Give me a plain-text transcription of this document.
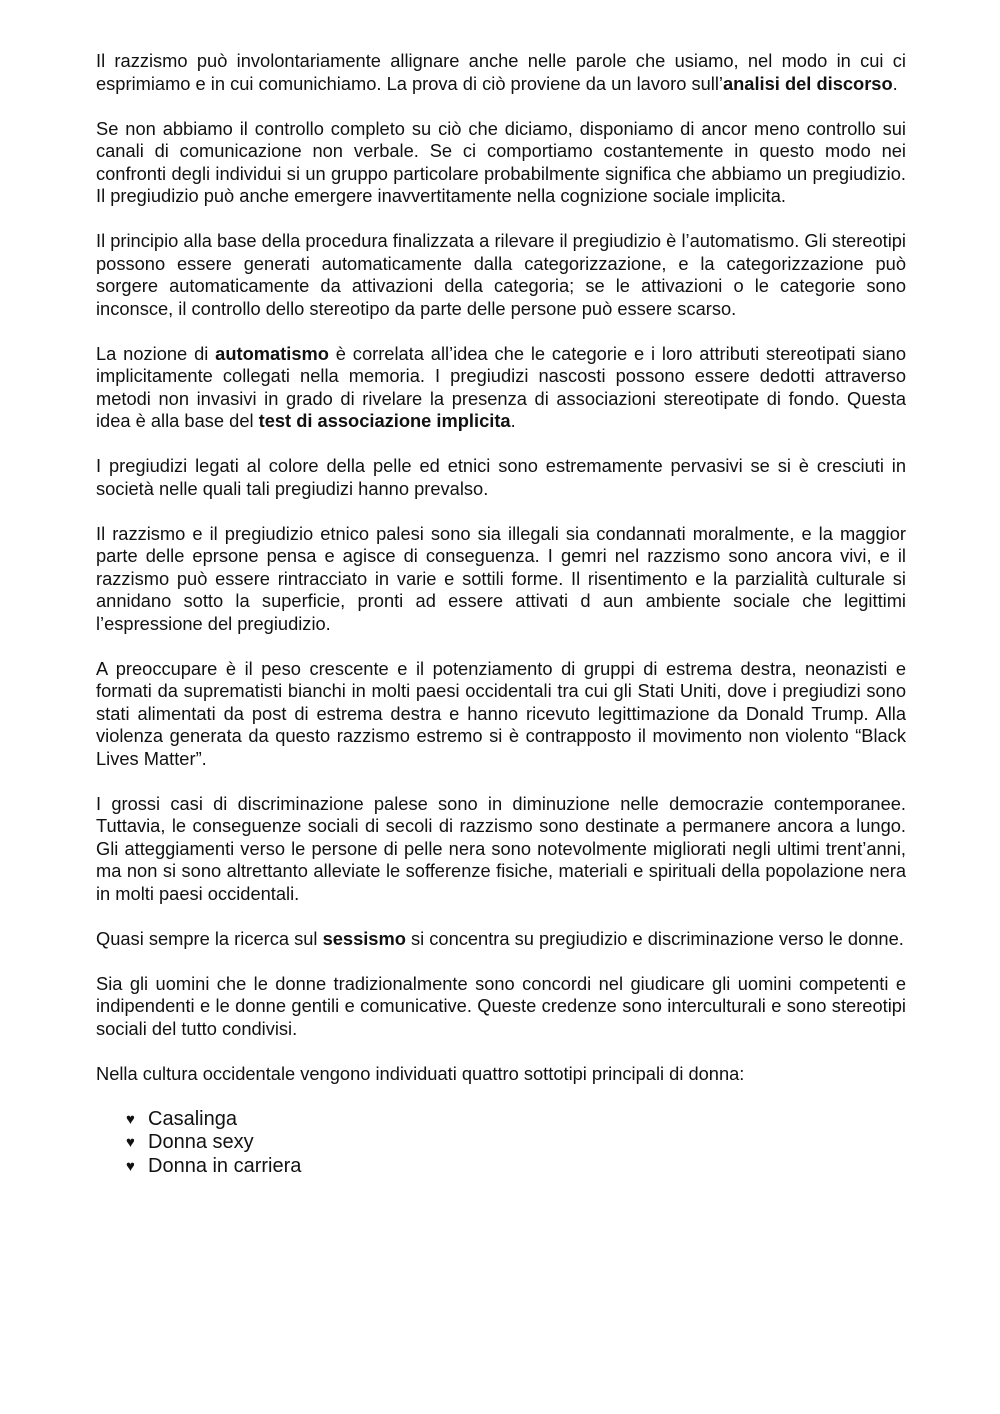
Il razzismo può involontariamente allignare anche nelle parole che usiamo, nel modo in cui ci esprimiamo e in cui comunichiamo. La prova di ciò proviene da un lavoro sull’analisi del discorso.

Se non abbiamo il controllo completo su ciò che diciamo, disponiamo di ancor meno controllo sui canali di comunicazione non verbale. Se ci comportiamo costantemente in questo modo nei confronti degli individui si un gruppo particolare probabilmente significa che abbiamo un pregiudizio. Il pregiudizio può anche emergere inavvertitamente nella cognizione sociale implicita.

Il principio alla base della procedura finalizzata a rilevare il pregiudizio è l’automatismo. Gli stereotipi possono essere generati automaticamente dalla categorizzazione, e la categorizzazione può sorgere automaticamente da attivazioni della categoria; se le attivazioni o le categorie sono inconsce, il controllo dello stereotipo da parte delle persone può essere scarso.

La nozione di automatismo è correlata all’idea che le categorie e i loro attributi stereotipati siano implicitamente collegati nella memoria. I pregiudizi nascosti possono essere dedotti attraverso metodi non invasivi in grado di rivelare la presenza di associazioni stereotipate di fondo. Questa idea è alla base del test di associazione implicita.

I pregiudizi legati al colore della pelle ed etnici sono estremamente pervasivi se si è cresciuti in società nelle quali tali pregiudizi hanno prevalso.

Il razzismo e il pregiudizio etnico palesi sono sia illegali sia condannati moralmente, e la maggior parte delle eprsone pensa e agisce di conseguenza. I gemri nel razzismo sono ancora vivi, e il razzismo può essere rintracciato in varie e sottili forme. Il risentimento e la parzialità culturale si annidano sotto la superficie, pronti ad essere attivati d aun ambiente sociale che legittimi l’espressione del pregiudizio.

A preoccupare è il peso crescente e il potenziamento di gruppi di estrema destra, neonazisti e formati da suprematisti bianchi in molti paesi occidentali tra cui gli Stati Uniti, dove i pregiudizi sono stati alimentati da post di estrema destra e hanno ricevuto legittimazione da Donald Trump. Alla violenza generata da questo razzismo estremo si è contrapposto il movimento non violento “Black Lives Matter”.

I grossi casi di discriminazione palese sono in diminuzione nelle democrazie contemporanee. Tuttavia, le conseguenze sociali di secoli di razzismo sono destinate a permanere ancora a lungo. Gli atteggiamenti verso le persone di pelle nera sono notevolmente migliorati negli ultimi trent’anni, ma non si sono altrettanto alleviate le sofferenze fisiche, materiali e spirituali della popolazione nera in molti paesi occidentali.

Quasi sempre la ricerca sul sessismo si concentra su pregiudizio e discriminazione verso le donne.

Sia gli uomini che le donne tradizionalmente sono concordi nel giudicare gli uomini competenti e indipendenti e le donne gentili e comunicative. Queste credenze sono interculturali e sono stereotipi sociali del tutto condivisi.

Nella cultura occidentale vengono individuati quattro sottotipi principali di donna:

♥ Casalinga
♥ Donna sexy
♥ Donna in carriera
